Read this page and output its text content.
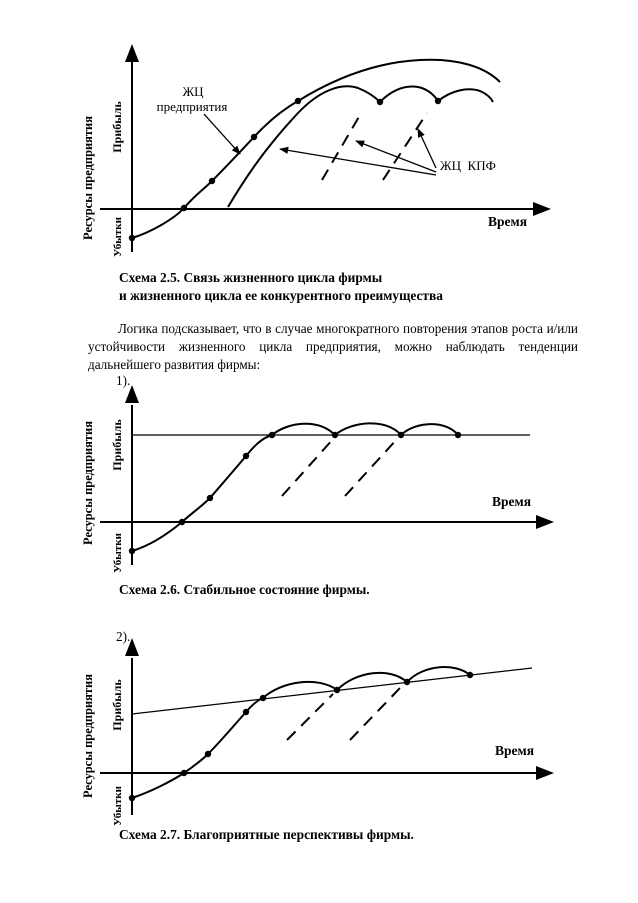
Ресурсы предприятия Прибыль
Убытки	Время
ЖЦ
предприятия
ЖЦ  КПФ
Схема 2.5. Связь жизненного цикла фирмы
и жизненного цикла ее конкурентного преимущества

Логика подсказывает, что в случае многократного повторения этапов роста и/или устойчивости жизненного цикла предприятия, можно наблюдать тенденции дальнейшего развития фирмы:

1).
Ресурсы предприятия Прибыль
Убытки
Время
Схема 2.6. Стабильное состояние фирмы.
2).
Ресурсы предприятия Прибыль
Убытки
Время
Схема 2.7. Благоприятные перспективы фирмы.
